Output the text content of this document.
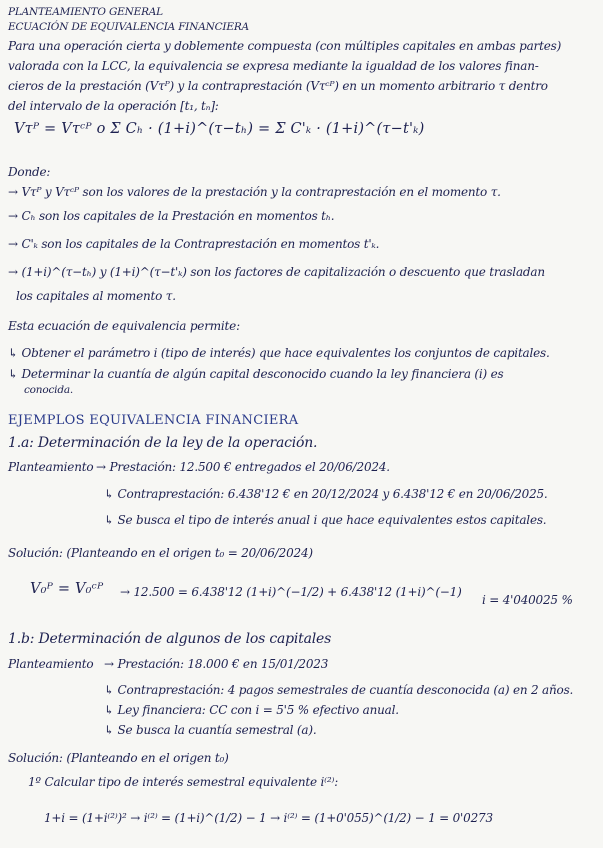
PLANTEAMIENTO GENERAL
ECUACIÓN DE EQUIVALENCIA FINANCIERA
Para una operación cierta y doblemente compuesta (con múltiples capitales en ambas partes)
valorada con la LCC, la equivalencia se expresa mediante la igualdad de los valores finan-
cieros de la prestación (Vτᴾ) y la contraprestación (Vτᶜᴾ) en un momento arbitrario τ dentro
del intervalo de la operación [t₁, tₙ]:
Vτᴾ = Vτᶜᴾ o Σ Cₕ · (1+i)^(τ−tₕ) = Σ C'ₖ · (1+i)^(τ−t'ₖ)
Donde:
→ Vτᴾ y Vτᶜᴾ son los valores de la prestación y la contraprestación en el momento τ.
→ Cₕ son los capitales de la Prestación en momentos tₕ.
→ C'ₖ son los capitales de la Contraprestación en momentos t'ₖ.
→ (1+i)^(τ−tₕ) y (1+i)^(τ−t'ₖ) son los factores de capitalización o descuento que trasladan
los capitales al momento τ.
Esta ecuación de equivalencia permite:
↳ Obtener el parámetro i (tipo de interés) que hace equivalentes los conjuntos de capitales.
↳ Determinar la cuantía de algún capital desconocido cuando la ley financiera (i) es
conocida.
EJEMPLOS EQUIVALENCIA FINANCIERA
1.a: Determinación de la ley de la operación.
Planteamiento → Prestación: 12.500 € entregados el 20/06/2024.
↳ Contraprestación: 6.438'12 € en 20/12/2024 y 6.438'12 € en 20/06/2025.
↳ Se busca el tipo de interés anual i que hace equivalentes estos capitales.
Solución: (Planteando en el origen t₀ = 20/06/2024)
V₀ᴾ = V₀ᶜᴾ → 12.500 = 6.438'12 (1+i)^(−1/2) + 6.438'12 (1+i)^(−1)
i = 4'040025 %
1.b: Determinación de algunos de los capitales
Planteamiento → Prestación: 18.000 € en 15/01/2023
↳ Contraprestación: 4 pagos semestrales de cuantía desconocida (a) en 2 años.
↳ Ley financiera: CC con i = 5'5 % efectivo anual.
↳ Se busca la cuantía semestral (a).
Solución: (Planteando en el origen t₀)
1º Calcular tipo de interés semestral equivalente i⁽²⁾:
1+i = (1+i⁽²⁾)² → i⁽²⁾ = (1+i)^(1/2) − 1 → i⁽²⁾ = (1+0'055)^(1/2) − 1 = 0'0273
